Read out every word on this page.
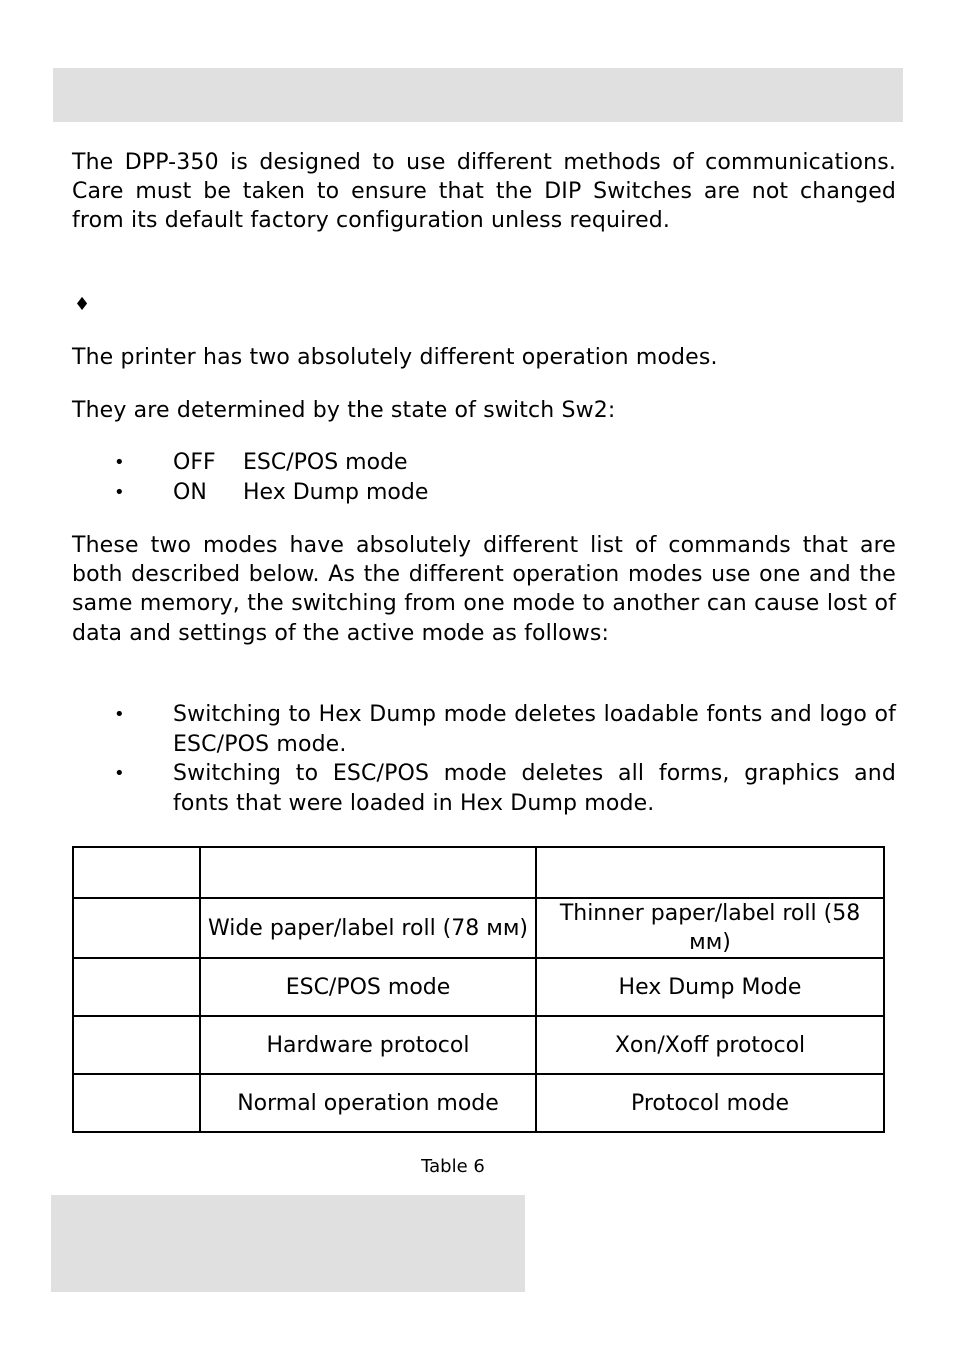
The DPP-350 is designed to use different methods of communications. Care must be taken to ensure that the DIP Switches are not changed from its default factory configuration unless required.

♦

The printer has two absolutely different operation modes.

They are determined by the state of switch Sw2:

• OFF ESC/POS mode
• ON Hex Dump mode

These two modes have absolutely different list of commands that are both described below. As the different operation modes use one and the same memory, the switching from one mode to another can cause lost of data and settings of the active mode as follows:

• Switching to Hex Dump mode deletes loadable fonts and logo of ESC/POS mode.
• Switching to ESC/POS mode deletes all forms, graphics and fonts that were loaded in Hex Dump mode.

	Wide paper/label roll (78 мм)	Thinner paper/label roll (58 мм)
	ESC/POS mode	Hex Dump Mode
	Hardware protocol	Xon/Xoff protocol
	Normal operation mode	Protocol mode
Table 6
